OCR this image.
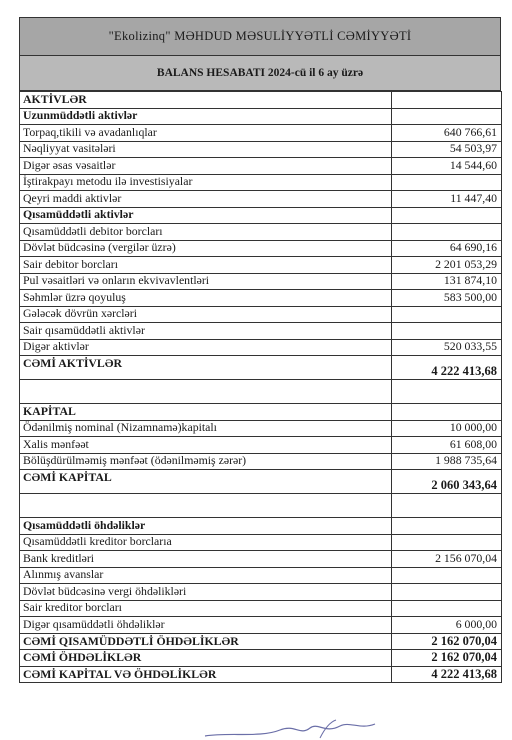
"Ekolizinq" MƏHDUD MƏSULİYYƏTLİ CƏMİYYƏTİ
BALANS HESABATI 2024-cü il 6 ay üzrə
AKTİVLƏR	
Uzunmüddətli aktivlər	
Torpaq,tikili və avadanlıqlar	640 766,61
Nəqliyyat vasitələri	54 503,97
Digər əsas vəsaitlər	14 544,60
İştirakpayı metodu ilə investisiyalar	
Qeyri maddi aktivlər	11 447,40
Qısamüddətli aktivlər	
Qısamüddətli debitor borcları	
Dövlət büdcəsinə (vergilər üzrə)	64 690,16
Sair debitor borcları	2 201 053,29
Pul vəsaitləri və onların ekvivavlentləri	131 874,10
Səhmlər üzrə qoyuluş	583 500,00
Gələcək dövrün xərcləri	
Sair qısamüddətli aktivlər	
Digər aktivlər	520 033,55
CƏMİ AKTİVLƏR	4 222 413,68

KAPİTAL	
Ödənilmiş nominal (Nizamnamə)kapitalı	10 000,00
Xalis mənfəət	61 608,00
Bölüşdürülməmiş mənfəət (ödənilməmiş zərər)	1 988 735,64
CƏMİ KAPİTAL	2 060 343,64

Qısamüddətli öhdəliklər	
Qısamüddətli kreditor borclarıa	
Bank kreditləri	2 156 070,04
Alınmış avanslar	
Dövlət büdcəsinə vergi öhdəlikləri	
Sair kreditor borcları	
Digər qısamüddətli öhdəliklər	6 000,00
CƏMİ QISAMÜDDƏTLİ ÖHDƏLİKLƏR	2 162 070,04
CƏMİ ÖHDƏLİKLƏR	2 162 070,04
CƏMİ KAPİTAL VƏ ÖHDƏLİKLƏR	4 222 413,68
